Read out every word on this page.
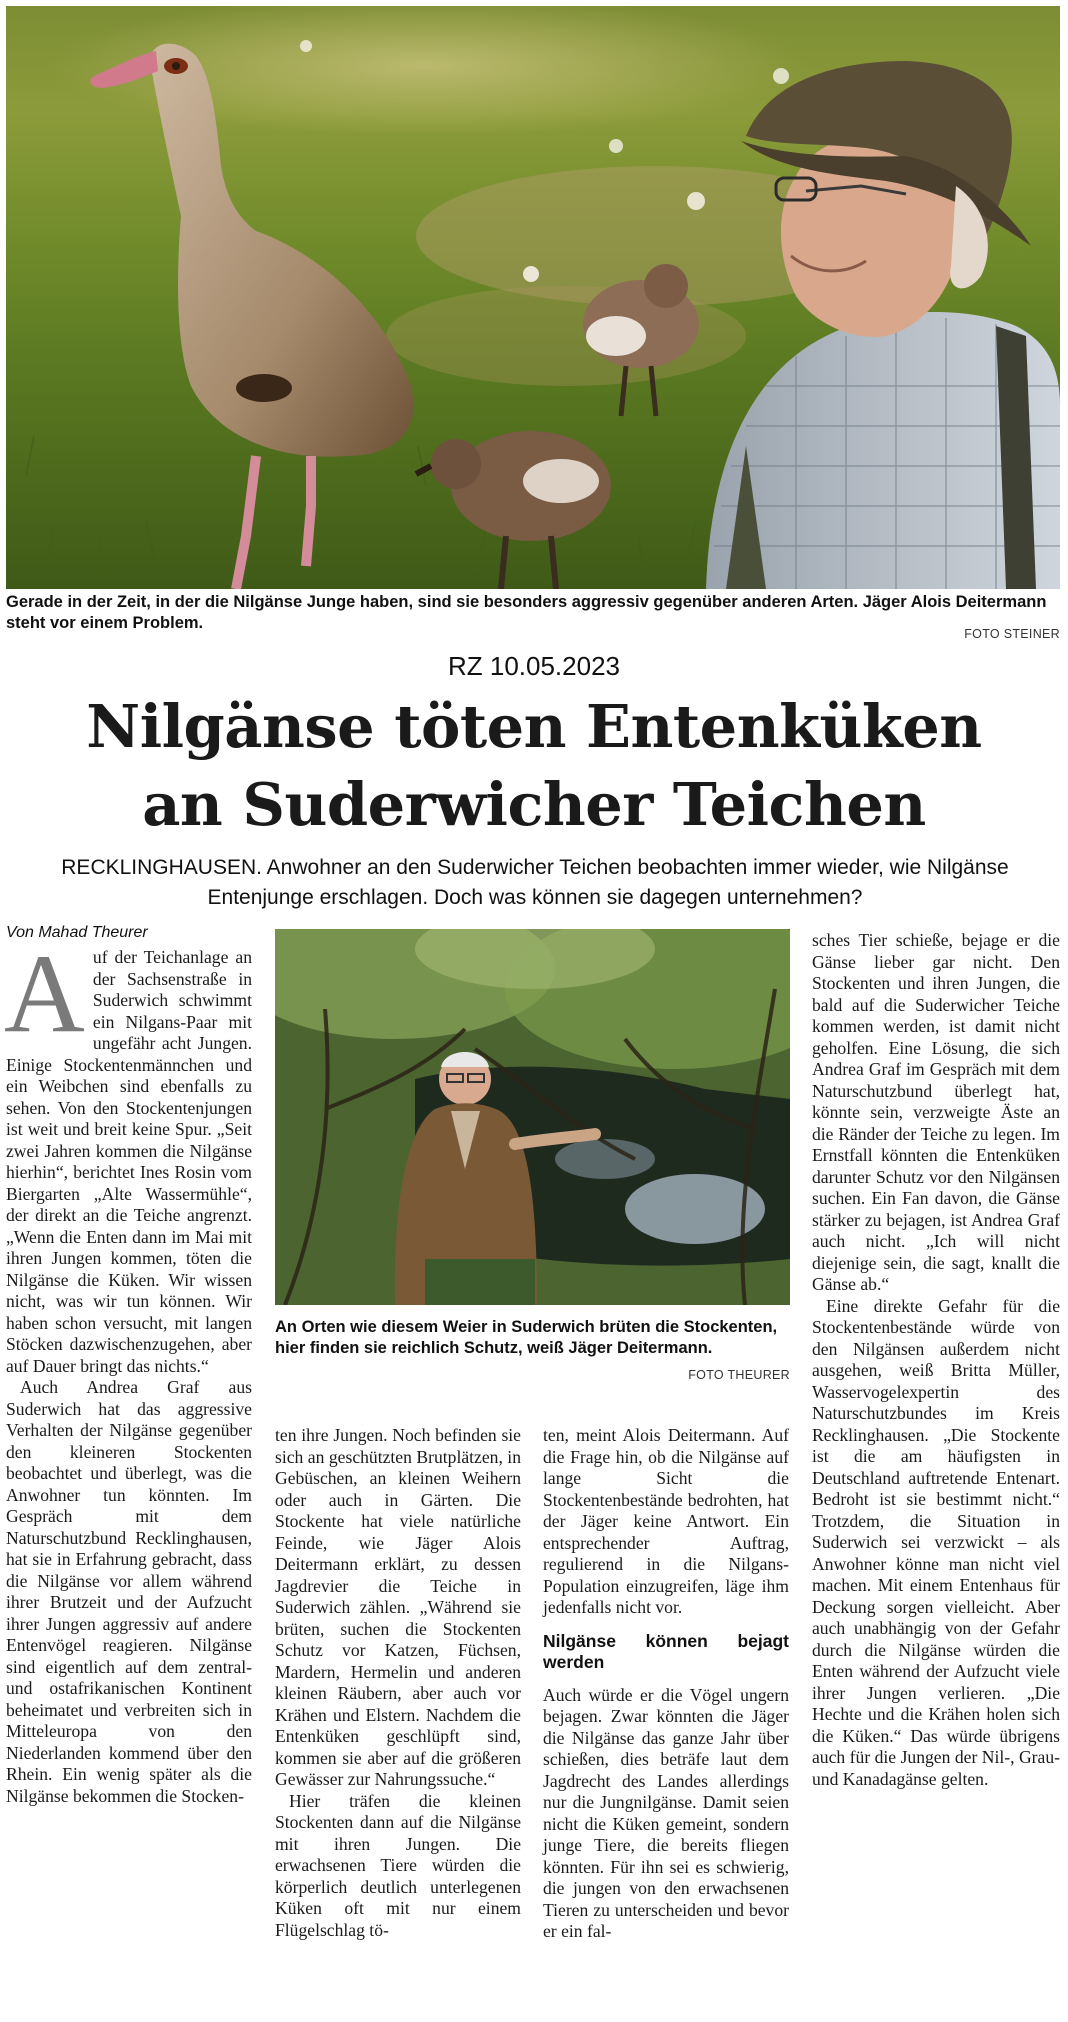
Gerade in der Zeit, in der die Nilgänse Junge haben, sind sie besonders aggressiv gegenüber anderen Arten. Jäger Alois Deitermann steht vor einem Problem.
FOTO STEINER
RZ 10.05.2023
Nilgänse töten Entenküken
an Suderwicher Teichen
RECKLINGHAUSEN. Anwohner an den Suderwicher Teichen beobachten immer wieder, wie Nilgänse Entenjunge erschlagen. Doch was können sie dagegen unternehmen?
Von Mahad Theurer

Auf der Teichanlage an der Sachsenstraße in Suderwich schwimmt ein Nilgans-Paar mit ungefähr acht Jungen. Einige Stockentenmännchen und ein Weibchen sind ebenfalls zu sehen. Von den Stockentenjungen ist weit und breit keine Spur. „Seit zwei Jahren kommen die Nilgänse hierhin“, berichtet Ines Rosin vom Biergarten „Alte Wassermühle“, der direkt an die Teiche angrenzt. „Wenn die Enten dann im Mai mit ihren Jungen kommen, töten die Nilgänse die Küken. Wir wissen nicht, was wir tun können. Wir haben schon versucht, mit langen Stöcken dazwischenzugehen, aber auf Dauer bringt das nichts.“

Auch Andrea Graf aus Suderwich hat das aggressive Verhalten der Nilgänse gegenüber den kleineren Stockenten beobachtet und überlegt, was die Anwohner tun könnten. Im Gespräch mit dem Naturschutzbund Recklinghausen, hat sie in Erfahrung gebracht, dass die Nilgänse vor allem während ihrer Brutzeit und der Aufzucht ihrer Jungen aggressiv auf andere Entenvögel reagieren. Nilgänse sind eigentlich auf dem zentral- und ostafrikanischen Kontinent beheimatet und verbreiten sich in Mitteleuropa von den Niederlanden kommend über den Rhein. Ein wenig später als die Nilgänse bekommen die Stocken-

An Orten wie diesem Weier in Suderwich brüten die Stockenten, hier finden sie reichlich Schutz, weiß Jäger Deitermann.
FOTO THEURER

ten ihre Jungen. Noch befinden sie sich an geschützten Brutplätzen, in Gebüschen, an kleinen Weihern oder auch in Gärten. Die Stockente hat viele natürliche Feinde, wie Jäger Alois Deitermann erklärt, zu dessen Jagdrevier die Teiche in Suderwich zählen. „Während sie brüten, suchen die Stockenten Schutz vor Katzen, Füchsen, Mardern, Hermelin und anderen kleinen Räubern, aber auch vor Krähen und Elstern. Nachdem die Entenküken geschlüpft sind, kommen sie aber auf die größeren Gewässer zur Nahrungssuche.“

Hier träfen die kleinen Stockenten dann auf die Nilgänse mit ihren Jungen. Die erwachsenen Tiere würden die körperlich deutlich unterlegenen Küken oft mit nur einem Flügelschlag tö-

ten, meint Alois Deitermann. Auf die Frage hin, ob die Nilgänse auf lange Sicht die Stockentenbestände bedrohten, hat der Jäger keine Antwort. Ein entsprechender Auftrag, regulierend in die Nilgans-Population einzugreifen, läge ihm jedenfalls nicht vor.

Nilgänse können bejagt werden

Auch würde er die Vögel ungern bejagen. Zwar könnten die Jäger die Nilgänse das ganze Jahr über schießen, dies beträfe laut dem Jagdrecht des Landes allerdings nur die Jungnilgänse. Damit seien nicht die Küken gemeint, sondern junge Tiere, die bereits fliegen könnten. Für ihn sei es schwierig, die jungen von den erwachsenen Tieren zu unterscheiden und bevor er ein fal-

sches Tier schieße, bejage er die Gänse lieber gar nicht. Den Stockenten und ihren Jungen, die bald auf die Suderwicher Teiche kommen werden, ist damit nicht geholfen. Eine Lösung, die sich Andrea Graf im Gespräch mit dem Naturschutzbund überlegt hat, könnte sein, verzweigte Äste an die Ränder der Teiche zu legen. Im Ernstfall könnten die Entenküken darunter Schutz vor den Nilgänsen suchen. Ein Fan davon, die Gänse stärker zu bejagen, ist Andrea Graf auch nicht. „Ich will nicht diejenige sein, die sagt, knallt die Gänse ab.“

Eine direkte Gefahr für die Stockentenbestände würde von den Nilgänsen außerdem nicht ausgehen, weiß Britta Müller, Wasservogelexpertin des Naturschutzbundes im Kreis Recklinghausen. „Die Stockente ist die am häufigsten in Deutschland auftretende Entenart. Bedroht ist sie bestimmt nicht.“ Trotzdem, die Situation in Suderwich sei verzwickt – als Anwohner könne man nicht viel machen. Mit einem Entenhaus für Deckung sorgen vielleicht. Aber auch unabhängig von der Gefahr durch die Nilgänse würden die Enten während der Aufzucht viele ihrer Jungen verlieren. „Die Hechte und die Krähen holen sich die Küken.“ Das würde übrigens auch für die Jungen der Nil-, Grau- und Kanadagänse gelten.
